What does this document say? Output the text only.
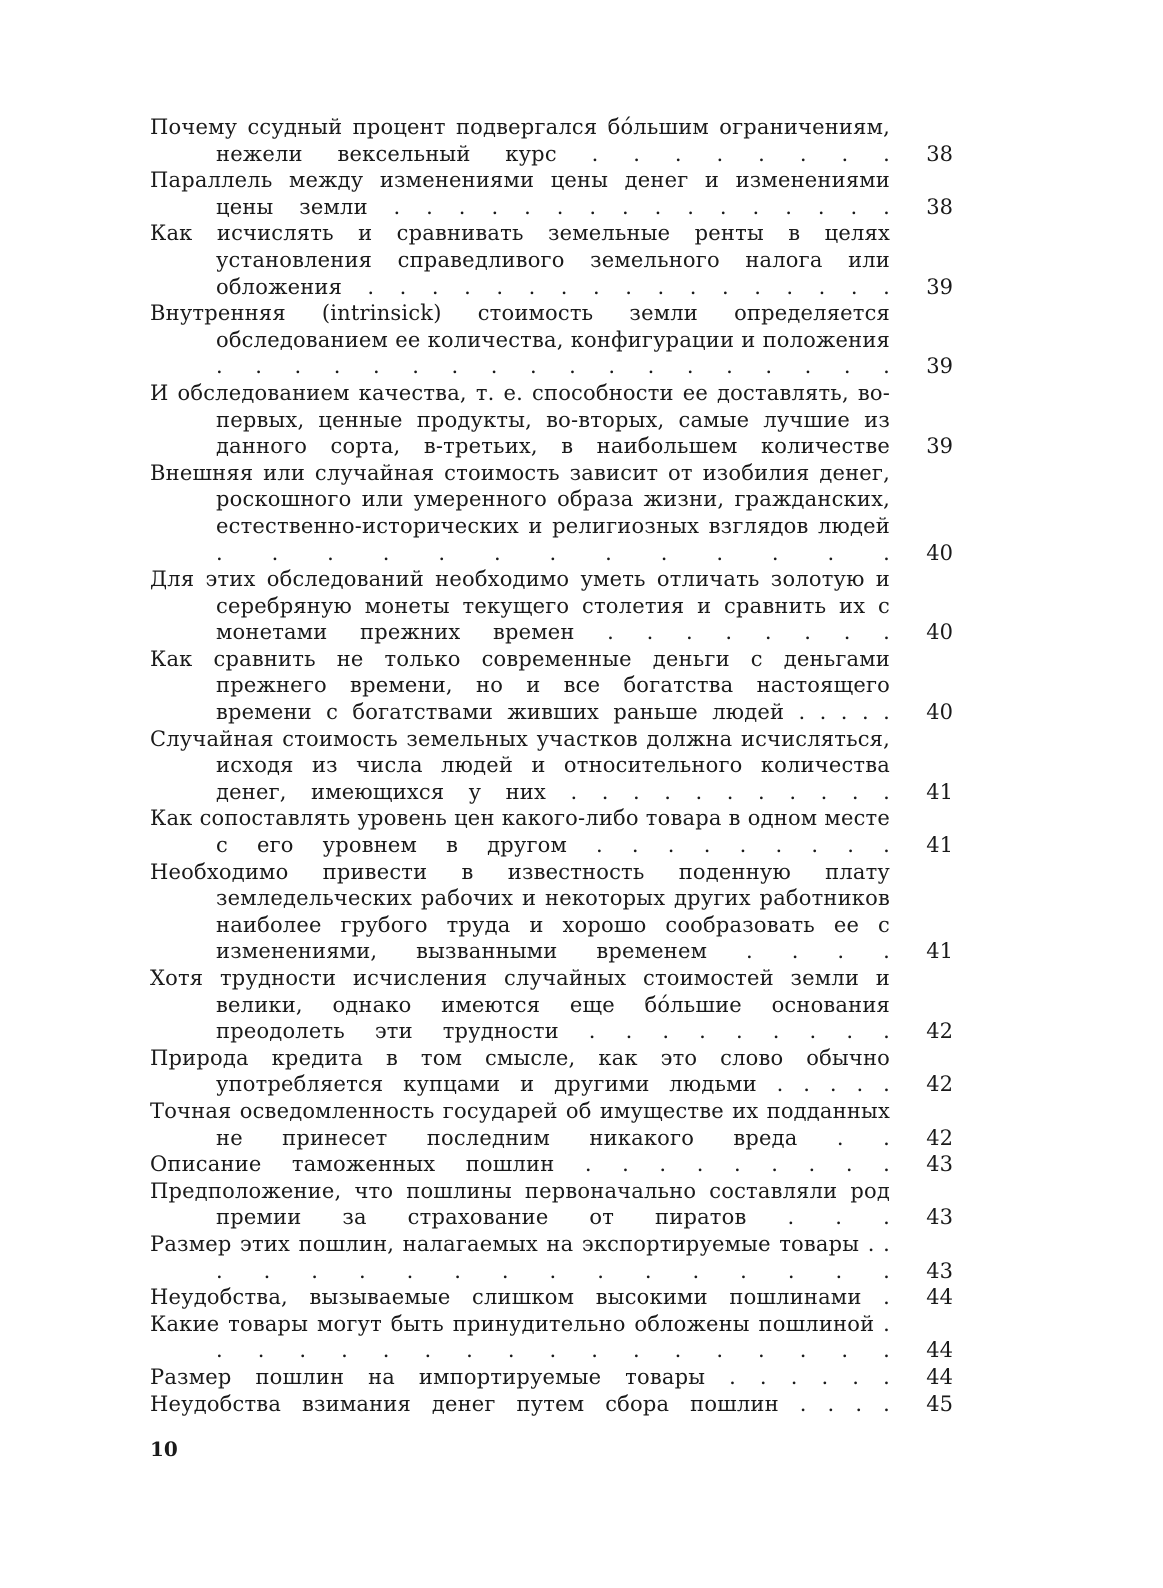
Почему ссудный процент подвергался бо́льшим ограничениям, нежели вексельный курс . . . . . . . .	38
Параллель между изменениями цены денег и изменениями цены земли . . . . . . . . . . . . . . . .	38
Как исчислять и сравнивать земельные ренты в целях установления справедливого земельного налога или обложения . . . . . . . . . . . . . . . . .	39
Внутренняя (intrinsick) стоимость земли определяется обследованием ее количества, конфигурации и положения . . . . . . . . . . . . . . . . . .	39
И обследованием качества, т. е. способности ее доставлять, во-первых, ценные продукты, во-вторых, самые лучшие из данного сорта, в-третьих, в наибольшем количестве	39
Внешняя или случайная стоимость зависит от изобилия денег, роскошного или умеренного образа жизни, гражданских, естественно-исторических и религиозных взглядов людей . . . . . . . . . . . . .	40
Для этих обследований необходимо уметь отличать золотую и серебряную монеты текущего столетия и сравнить их с монетами прежних времен . . . . . . . .	40
Как сравнить не только современные деньги с деньгами прежнего времени, но и все богатства настоящего времени с богатствами живших раньше людей . . . . .	40
Случайная стоимость земельных участков должна исчисляться, исходя из числа людей и относительного количества денег, имеющихся у них . . . . . . . . . . .	41
Как сопоставлять уровень цен какого-либо товара в одном месте с его уровнем в другом . . . . . . . . .	41
Необходимо привести в известность поденную плату земледельческих рабочих и некоторых других работников наиболее грубого труда и хорошо сообразовать ее с изменениями, вызванными временем . . . .	41
Хотя трудности исчисления случайных стоимостей земли и велики, однако имеются еще бо́льшие основания преодолеть эти трудности . . . . . . . . .	42
Природа кредита в том смысле, как это слово обычно употребляется купцами и другими людьми . . . . .	42
Точная осведомленность государей об имуществе их подданных не принесет последним никакого вреда . .	42
Описание таможенных пошлин . . . . . . . . .	43
Предположение, что пошлины первоначально составляли род премии за страхование от пиратов . . .	43
Размер этих пошлин, налагаемых на экспортируемые товары . . . . . . . . . . . . . . . . .	43
Неудобства, вызываемые слишком высокими пошлинами .	44
Какие товары могут быть принудительно обложены пошлиной . . . . . . . . . . . . . . . . . .	44
Размер пошлин на импортируемые товары . . . . . .	44
Неудобства взимания денег путем сбора пошлин . . . .	45
10
